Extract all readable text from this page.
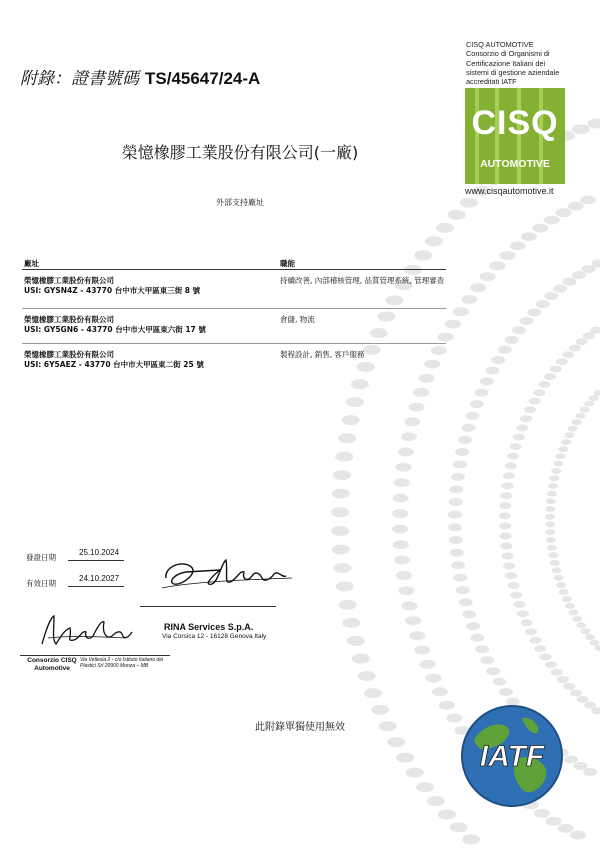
附錄：證書號碼 TS/45647/24-A
CISQ AUTOMOTIVE
Consorzio di Organismi di
Certificazione Italiani dei
sistemi di gestione aziendale
accreditati IATF
CISQ
AUTOMOTIVE
www.cisqautomotive.it
榮憶橡膠工業股份有限公司(一廠)
外部支持廠址
廠址	職能
榮憶橡膠工業股份有限公司
USI: GYSN4Z - 43770 台中市大甲區東三街 8 號
持續改善, 內部稽核管理, 品質管理系統, 管理審查
榮憶橡膠工業股份有限公司
USI: GY5GN6 - 43770 台中市大甲區東六街 17 號
倉儲, 物流
榮憶橡膠工業股份有限公司
USI: 6Y5AEZ - 43770 台中市大甲區東二街 25 號
製程設計, 銷售, 客戶服務
發證日期
25.10.2024
有效日期
24.10.2027
RINA Services S.p.A.
Via Corsica 12 - 16128 Genova Italy
Consorzio CISQ
Automotive
Via Vetlesia 2 - c/o Istituto Italiano dei
Plastici Srl 20900 Monza – MB
此附錄單獨使用無效
IATF
